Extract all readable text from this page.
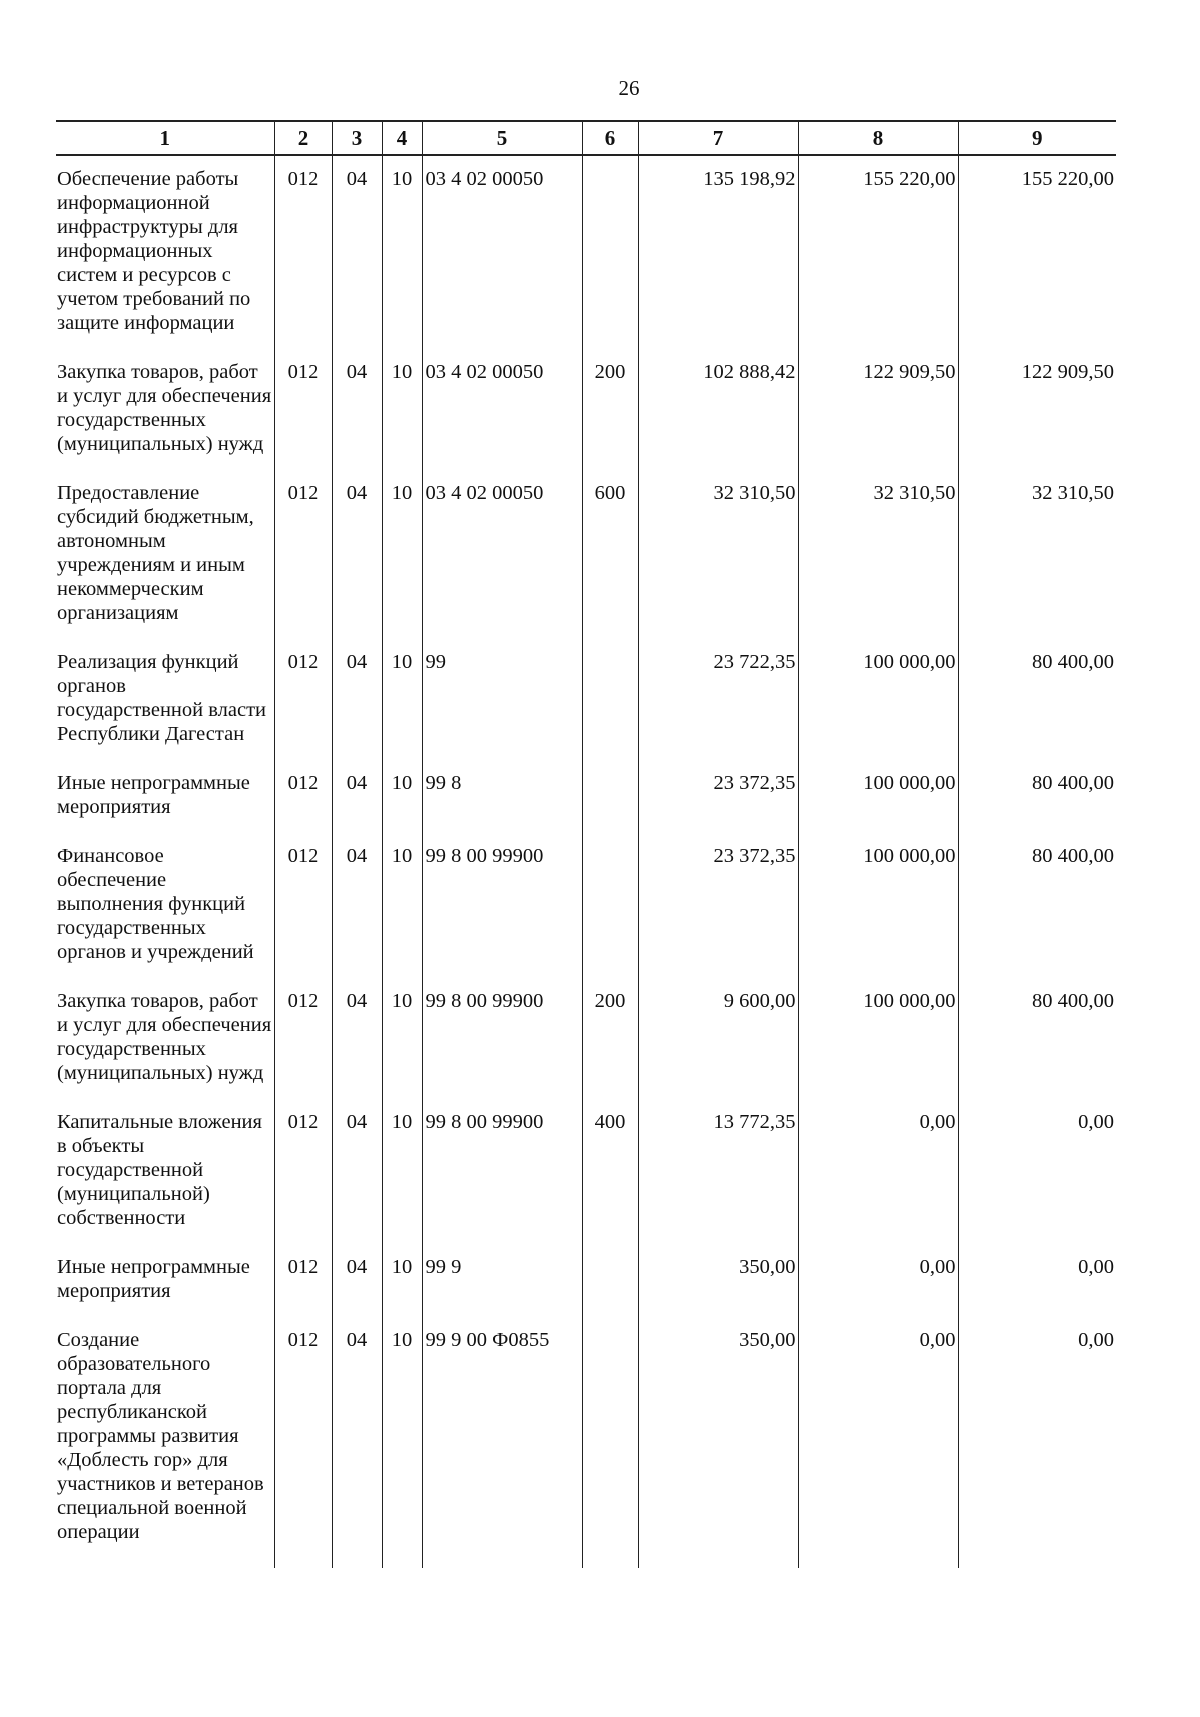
26
1	2	3	4	5	6	7	8	9
Обеспечение работы информационной инфраструктуры для информационных систем и ресурсов с учетом требований по защите информации	012	04	10	03 4 02 00050		135 198,92	155 220,00	155 220,00
Закупка товаров, работ и услуг для обеспечения государственных (муниципальных) нужд	012	04	10	03 4 02 00050	200	102 888,42	122 909,50	122 909,50
Предоставление субсидий бюджетным, автономным учреждениям и иным некоммерческим организациям	012	04	10	03 4 02 00050	600	32 310,50	32 310,50	32 310,50
Реализация функций органов государственной власти Республики Дагестан	012	04	10	99		23 722,35	100 000,00	80 400,00
Иные непрограммные мероприятия	012	04	10	99 8		23 372,35	100 000,00	80 400,00
Финансовое обеспечение выполнения функций государственных органов и учреждений	012	04	10	99 8 00 99900		23 372,35	100 000,00	80 400,00
Закупка товаров, работ и услуг для обеспечения государственных (муниципальных) нужд	012	04	10	99 8 00 99900	200	9 600,00	100 000,00	80 400,00
Капитальные вложения в объекты государственной (муниципальной) собственности	012	04	10	99 8 00 99900	400	13 772,35	0,00	0,00
Иные непрограммные мероприятия	012	04	10	99 9		350,00	0,00	0,00
Создание образовательного портала для республиканской программы развития «Доблесть гор» для участников и ветеранов специальной военной операции	012	04	10	99 9 00 Ф0855		350,00	0,00	0,00
